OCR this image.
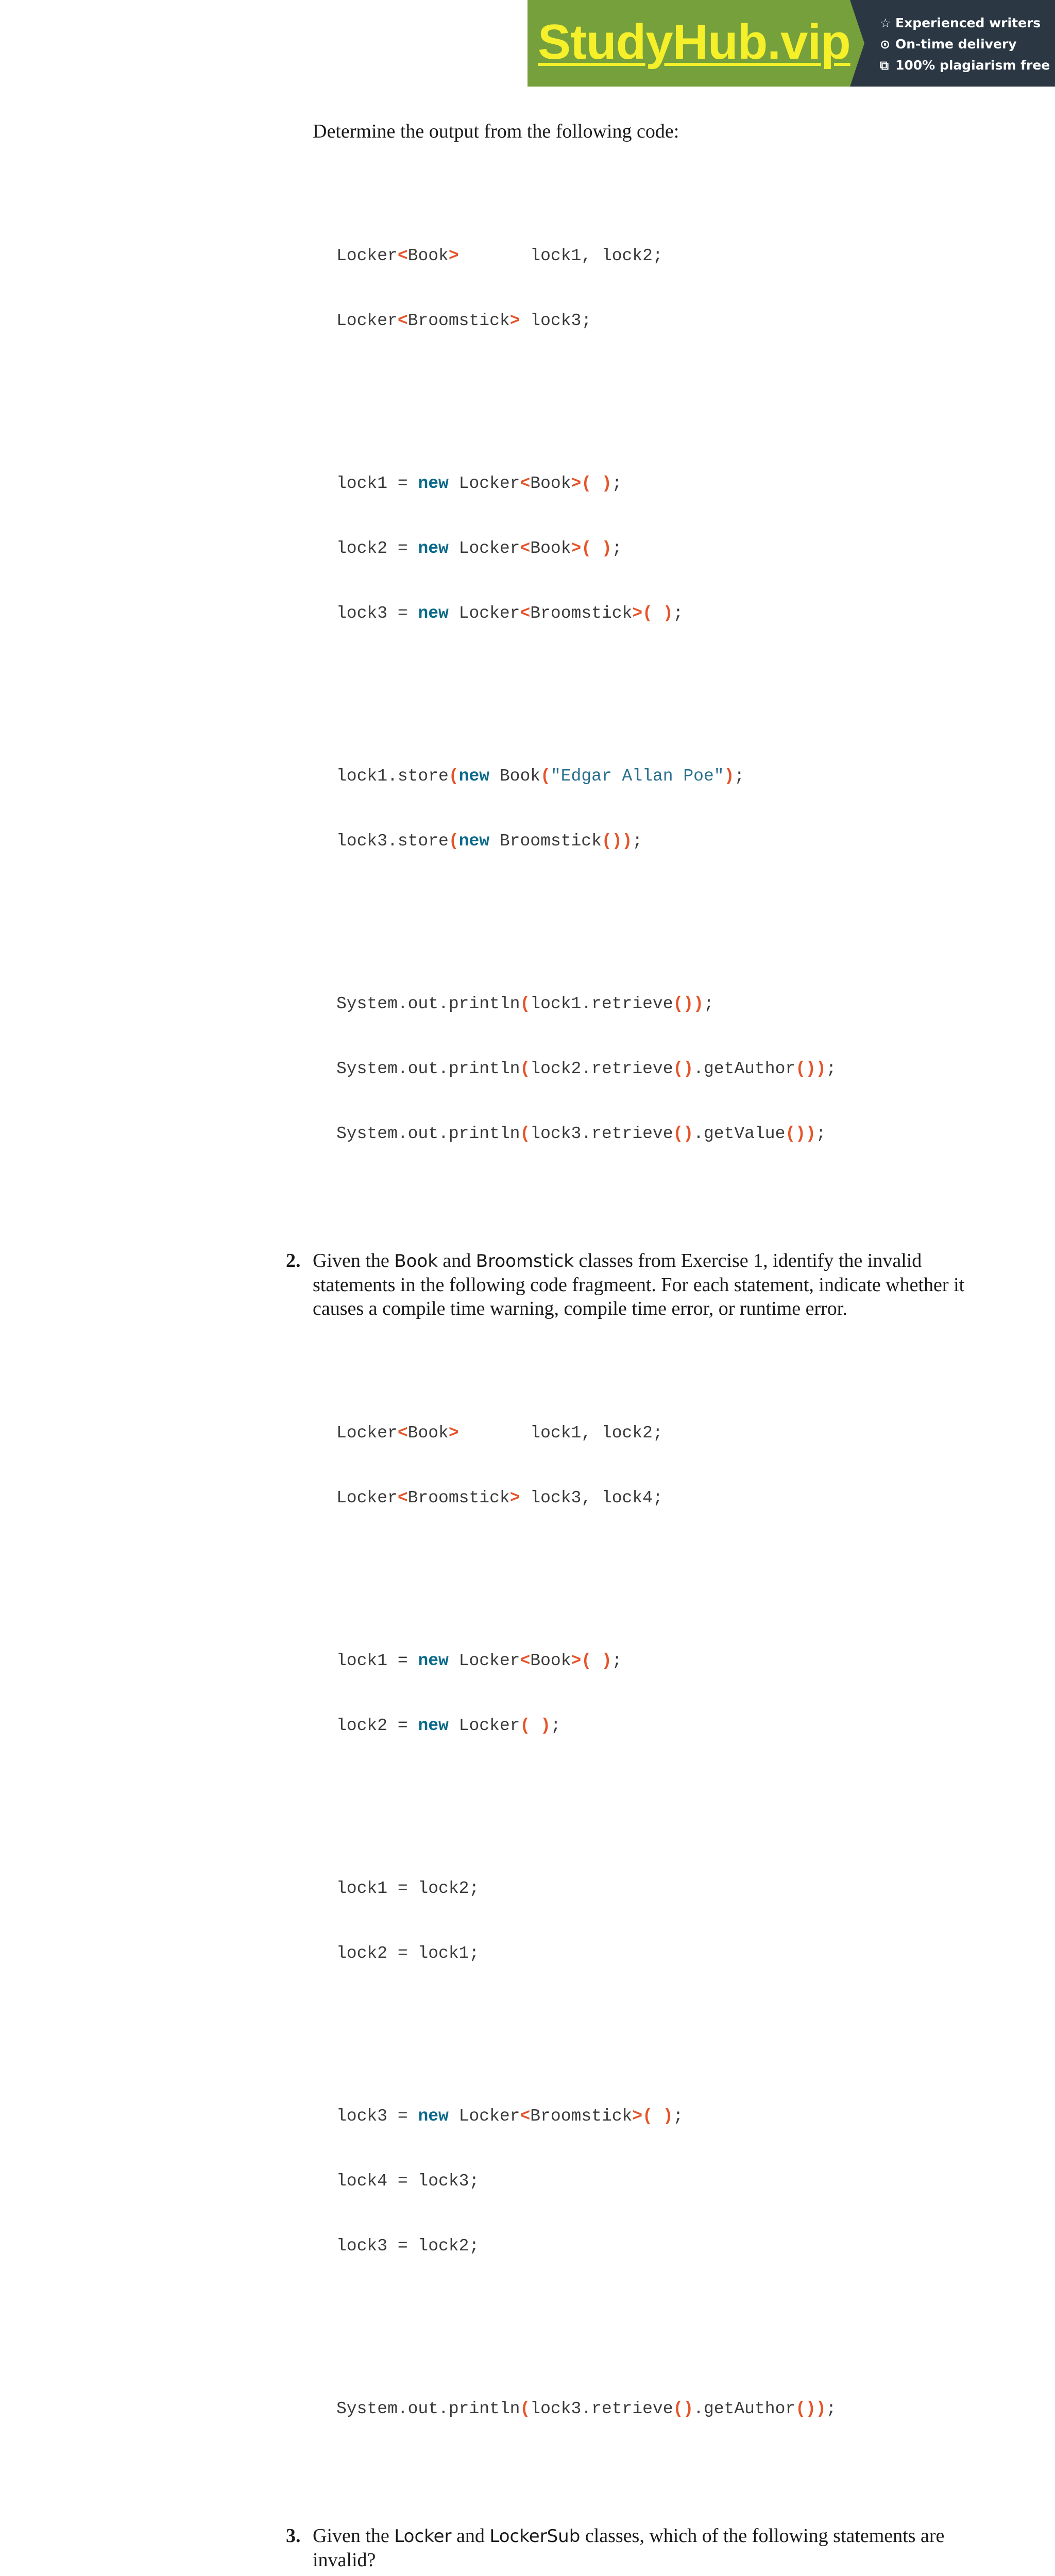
StudyHub.vip ☆ Experienced writers
⊙ On-time delivery
⧉ 100% plagiarism free

Determine the output from the following code:

Locker<Book>       lock1, lock2;

Locker<Broomstick> lock3;

lock1 = new Locker<Book>( );

lock2 = new Locker<Book>( );

lock3 = new Locker<Broomstick>( );

lock1.store(new Book("Edgar Allan Poe");

lock3.store(new Broomstick());

System.out.println(lock1.retrieve());

System.out.println(lock2.retrieve().getAuthor());

System.out.println(lock3.retrieve().getValue());

2. Given the Book and Broomstick classes from Exercise 1, identify the invalid statements in the following code fragmeent. For each statement, indicate whether it causes a compile time warning, compile time error, or runtime error.

Locker<Book>       lock1, lock2;

Locker<Broomstick> lock3, lock4;

lock1 = new Locker<Book>( );

lock2 = new Locker( );

lock1 = lock2;

lock2 = lock1;

lock3 = new Locker<Broomstick>( );

lock4 = lock3;

lock3 = lock2;

System.out.println(lock3.retrieve().getAuthor());

3. Given the Locker and LockerSub classes, which of the following statements are invalid?
